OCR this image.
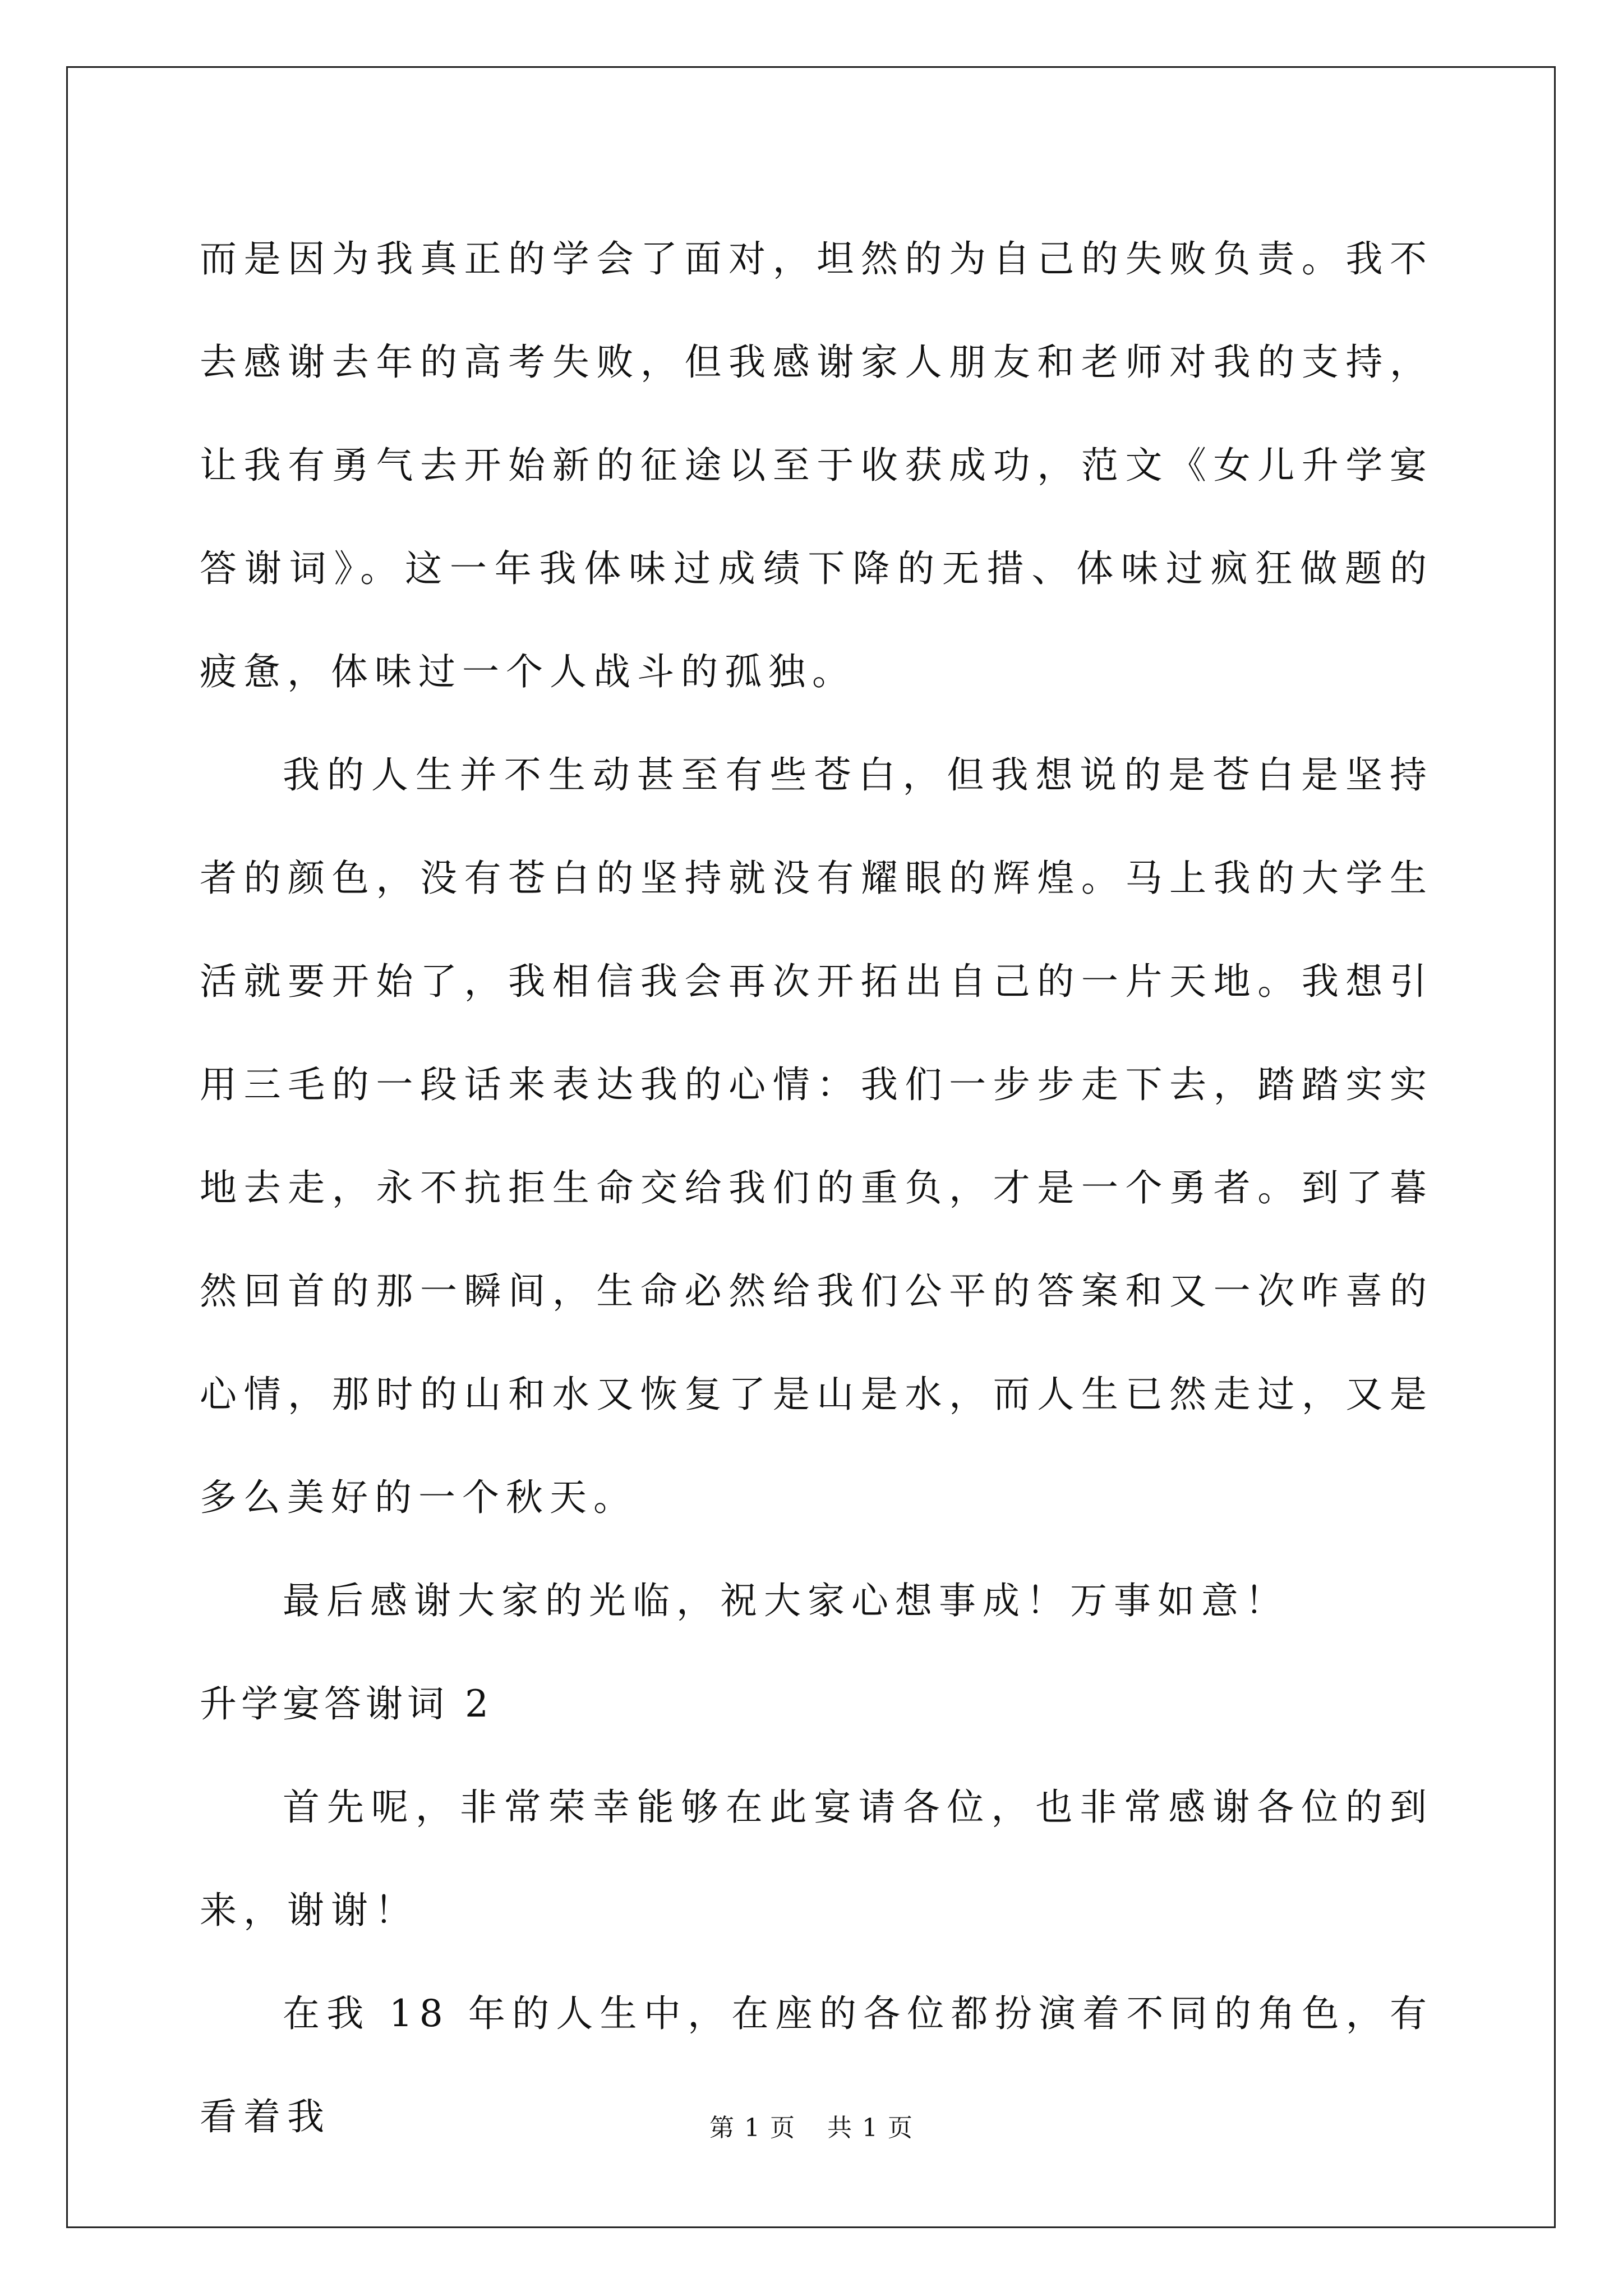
而是因为我真正的学会了面对，坦然的为自己的失败负责。我不去感谢去年的高考失败，但我感谢家人朋友和老师对我的支持，让我有勇气去开始新的征途以至于收获成功，范文《女儿升学宴答谢词》。这一年我体味过成绩下降的无措、体味过疯狂做题的疲惫，体味过一个人战斗的孤独。

我的人生并不生动甚至有些苍白，但我想说的是苍白是坚持者的颜色，没有苍白的坚持就没有耀眼的辉煌。马上我的大学生活就要开始了，我相信我会再次开拓出自己的一片天地。我想引用三毛的一段话来表达我的心情：我们一步步走下去，踏踏实实地去走，永不抗拒生命交给我们的重负，才是一个勇者。到了暮然回首的那一瞬间，生命必然给我们公平的答案和又一次咋喜的心情，那时的山和水又恢复了是山是水，而人生已然走过，又是多么美好的一个秋天。

最后感谢大家的光临，祝大家心想事成！万事如意！

升学宴答谢词 2

首先呢，非常荣幸能够在此宴请各位，也非常感谢各位的到来，谢谢！

在我 18 年的人生中，在座的各位都扮演着不同的角色，有看着我	第 1 页 共 1 页
